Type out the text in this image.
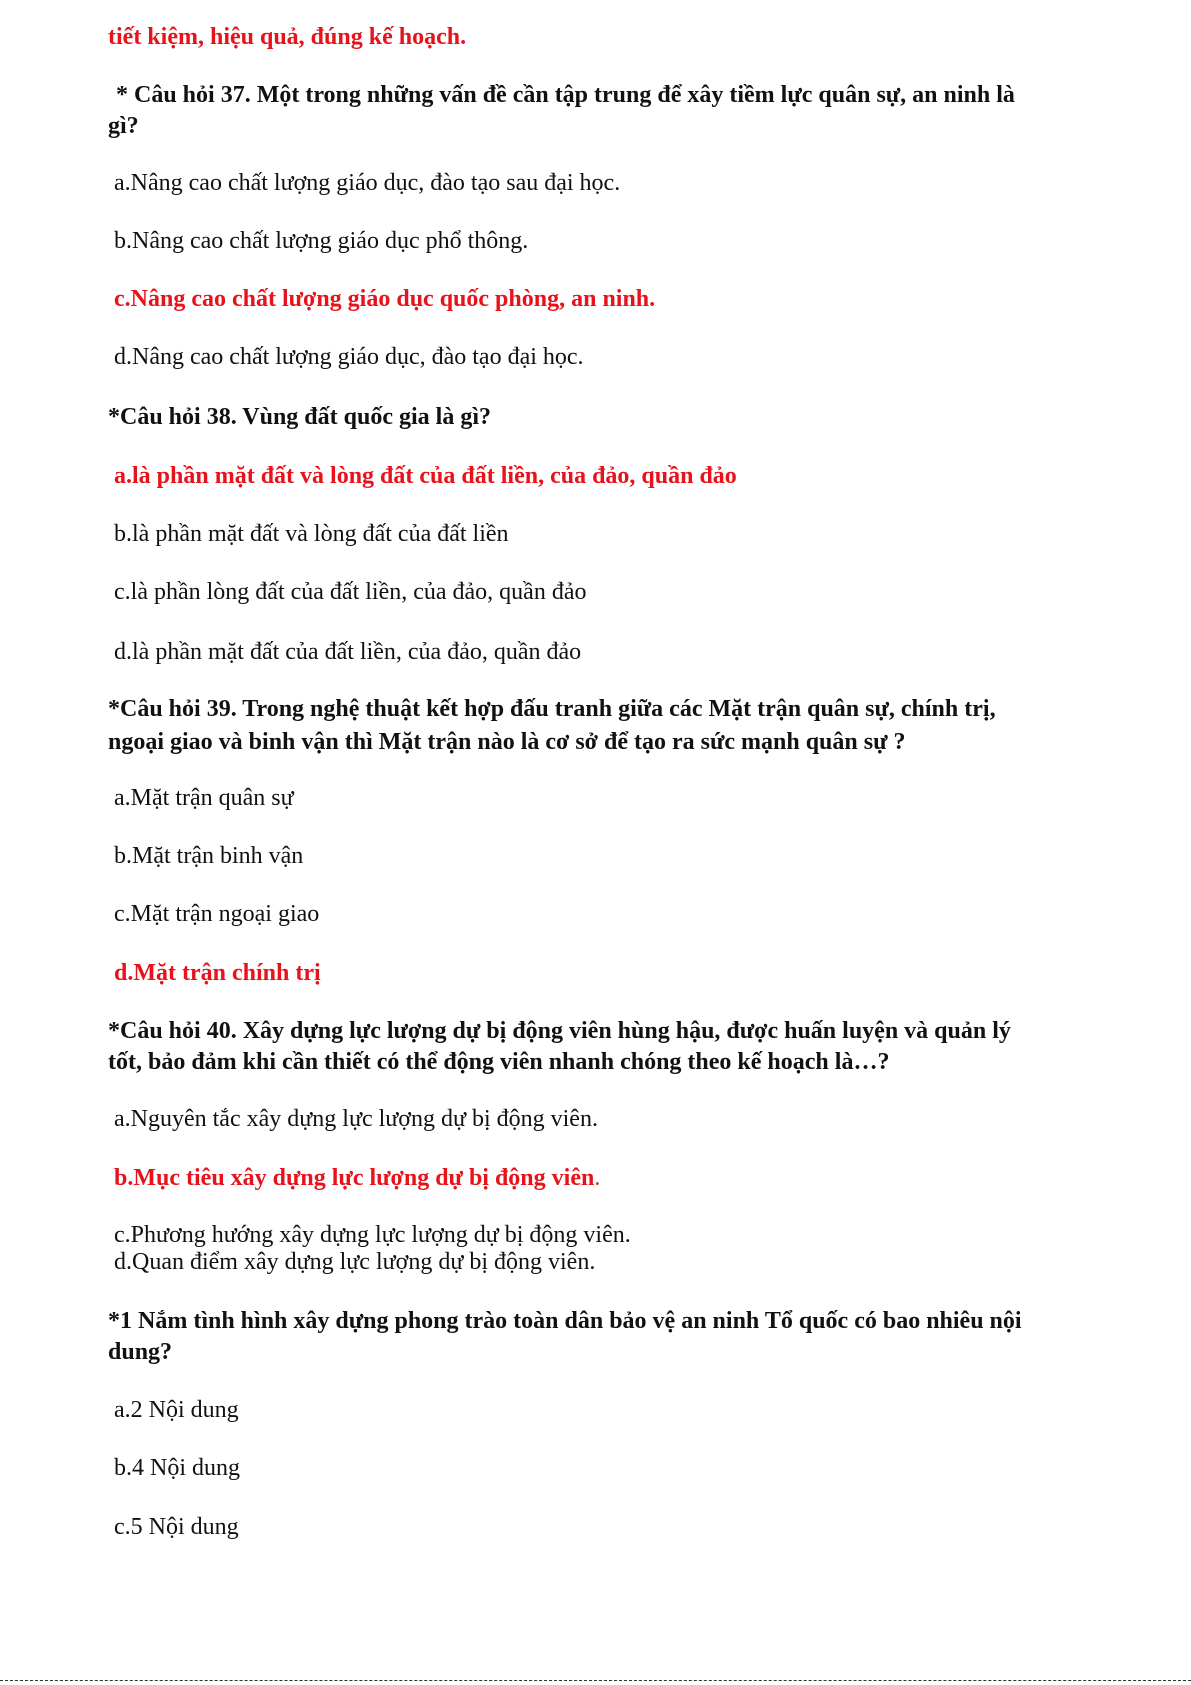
tiết kiệm, hiệu quả, đúng kế hoạch.
* Câu hỏi 37. Một trong những vấn đề cần tập trung để xây tiềm lực quân sự, an ninh là
gì?
a.Nâng cao chất lượng giáo dục, đào tạo sau đại học.
b.Nâng cao chất lượng giáo dục phổ thông.
c.Nâng cao chất lượng giáo dục quốc phòng, an ninh.
d.Nâng cao chất lượng giáo dục, đào tạo đại học.
*Câu hỏi 38. Vùng đất quốc gia là gì?
a.là phần mặt đất và lòng đất của đất liền, của đảo, quần đảo
b.là phần mặt đất và lòng đất của đất liền
c.là phần lòng đất của đất liền, của đảo, quần đảo
d.là phần mặt đất của đất liền, của đảo, quần đảo
*Câu hỏi 39. Trong nghệ thuật kết hợp đấu tranh giữa các Mặt trận quân sự, chính trị,
ngoại giao và binh vận thì Mặt trận nào là cơ sở để tạo ra sức mạnh quân sự ?
a.Mặt trận quân sự
b.Mặt trận binh vận
c.Mặt trận ngoại giao
d.Mặt trận chính trị
*Câu hỏi 40. Xây dựng lực lượng dự bị động viên hùng hậu, được huấn luyện và quản lý
tốt, bảo đảm khi cần thiết có thể động viên nhanh chóng theo kế hoạch là…?
a.Nguyên tắc xây dựng lực lượng dự bị động viên.
b.Mục tiêu xây dựng lực lượng dự bị động viên.
c.Phương hướng xây dựng lực lượng dự bị động viên.
d.Quan điểm xây dựng lực lượng dự bị động viên.
*1 Nắm tình hình xây dựng phong trào toàn dân bảo vệ an ninh Tổ quốc có bao nhiêu nội
dung?
a.2 Nội dung
b.4 Nội dung
c.5 Nội dung
